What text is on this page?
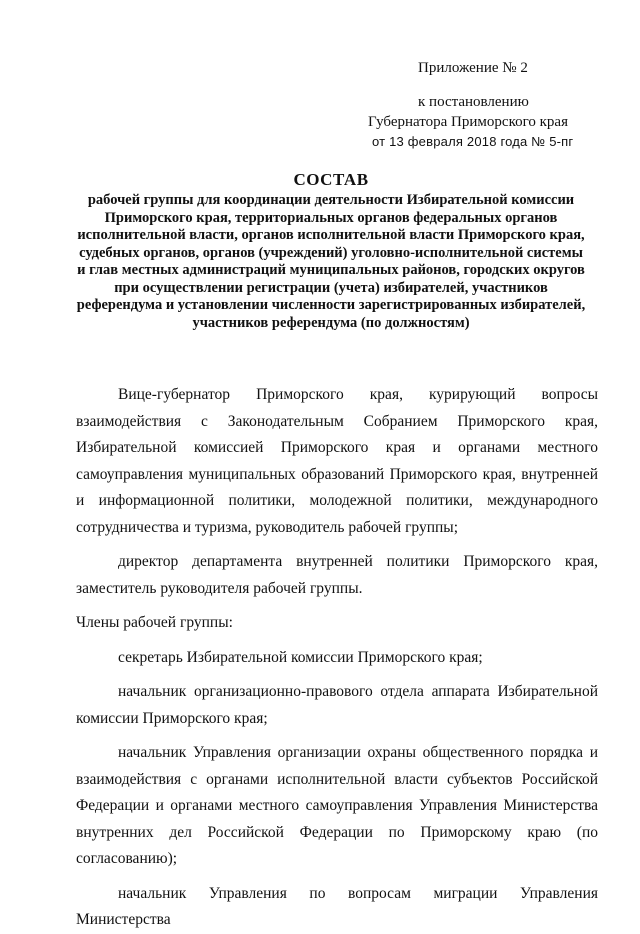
Приложение № 2
к постановлению
Губернатора Приморского края
от 13 февраля 2018 года № 5-пг
СОСТАВ
рабочей группы для координации деятельности Избирательной комиссии Приморского края, территориальных органов федеральных органов исполнительной власти, органов исполнительной власти Приморского края, судебных органов, органов (учреждений) уголовно-исполнительной системы и глав местных администраций муниципальных районов, городских округов при осуществлении регистрации (учета) избирателей, участников референдума и установлении численности зарегистрированных избирателей, участников референдума (по должностям)

Вице-губернатор Приморского края, курирующий вопросы взаимодействия с Законодательным Собранием Приморского края, Избирательной комиссией Приморского края и органами местного самоуправления муниципальных образований Приморского края, внутренней и информационной политики, молодежной политики, международного сотрудничества и туризма, руководитель рабочей группы;

директор департамента внутренней политики Приморского края, заместитель руководителя рабочей группы.

Члены рабочей группы:

секретарь Избирательной комиссии Приморского края;

начальник организационно-правового отдела аппарата Избирательной комиссии Приморского края;

начальник Управления организации охраны общественного порядка и взаимодействия с органами исполнительной власти субъектов Российской Федерации и органами местного самоуправления Управления Министерства внутренних дел Российской Федерации по Приморскому краю (по согласованию);

начальник Управления по вопросам миграции Управления Министерства
